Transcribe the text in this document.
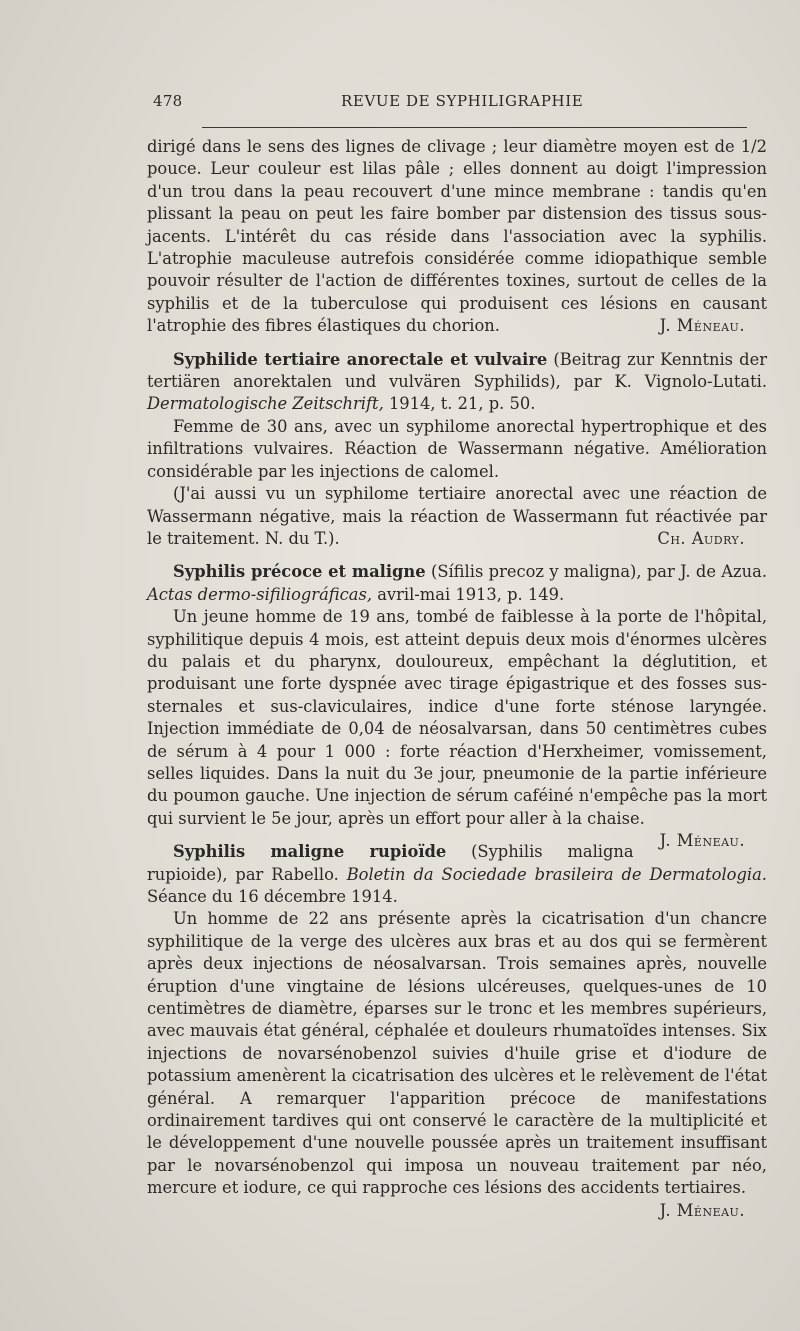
478	REVUE DE SYPHILIGRAPHIE

dirigé dans le sens des lignes de clivage ; leur diamètre moyen est de 1/2 pouce. Leur couleur est lilas pâle ; elles donnent au doigt l'impression d'un trou dans la peau recouvert d'une mince membrane : tandis qu'en plissant la peau on peut les faire bomber par distension des tissus sous-jacents. L'intérêt du cas réside dans l'association avec la syphilis. L'atrophie maculeuse autrefois considérée comme idiopathique semble pouvoir résulter de l'action de différentes toxines, surtout de celles de la syphilis et de la tuberculose qui produisent ces lésions en causant l'atrophie des fibres élastiques du chorion.	J. Méneau.

Syphilide tertiaire anorectale et vulvaire (Beitrag zur Kenntnis der tertiären anorektalen und vulvären Syphilids), par K. Vignolo-Lutati. Dermatologische Zeitschrift, 1914, t. 21, p. 50.

Femme de 30 ans, avec un syphilome anorectal hypertrophique et des infiltrations vulvaires. Réaction de Wassermann négative. Amélioration considérable par les injections de calomel.

(J'ai aussi vu un syphilome tertiaire anorectal avec une réaction de Wassermann négative, mais la réaction de Wassermann fut réactivée par le traitement. N. du T.).	Ch. Audry.

Syphilis précoce et maligne (Sífilis precoz y maligna), par J. de Azua. Actas dermo-sifiliográficas, avril-mai 1913, p. 149.

Un jeune homme de 19 ans, tombé de faiblesse à la porte de l'hôpital, syphilitique depuis 4 mois, est atteint depuis deux mois d'énormes ulcères du palais et du pharynx, douloureux, empêchant la déglutition, et produisant une forte dyspnée avec tirage épigastrique et des fosses sus-sternales et sus-claviculaires, indice d'une forte sténose laryngée. Injection immédiate de 0,04 de néosalvarsan, dans 50 centimètres cubes de sérum à 4 pour 1 000 : forte réaction d'Herxheimer, vomissement, selles liquides. Dans la nuit du 3e jour, pneumonie de la partie inférieure du poumon gauche. Une injection de sérum caféiné n'empêche pas la mort qui survient le 5e jour, après un effort pour aller à la chaise.
J. Méneau.

Syphilis maligne rupioïde (Syphilis maligna rupioide), par Rabello. Boletin da Sociedade brasileira de Dermatologia. Séance du 16 décembre 1914.

Un homme de 22 ans présente après la cicatrisation d'un chancre syphilitique de la verge des ulcères aux bras et au dos qui se fermèrent après deux injections de néosalvarsan. Trois semaines après, nouvelle éruption d'une vingtaine de lésions ulcéreuses, quelques-unes de 10 centimètres de diamètre, éparses sur le tronc et les membres supérieurs, avec mauvais état général, céphalée et douleurs rhumatoïdes intenses. Six injections de novarsénobenzol suivies d'huile grise et d'iodure de potassium amenèrent la cicatrisation des ulcères et le relèvement de l'état général. A remarquer l'apparition précoce de manifestations ordinairement tardives qui ont conservé le caractère de la multiplicité et le développement d'une nouvelle poussée après un traitement insuffisant par le novarsénobenzol qui imposa un nouveau traitement par néo, mercure et iodure, ce qui rapproche ces lésions des accidents tertiaires.
J. Méneau.
